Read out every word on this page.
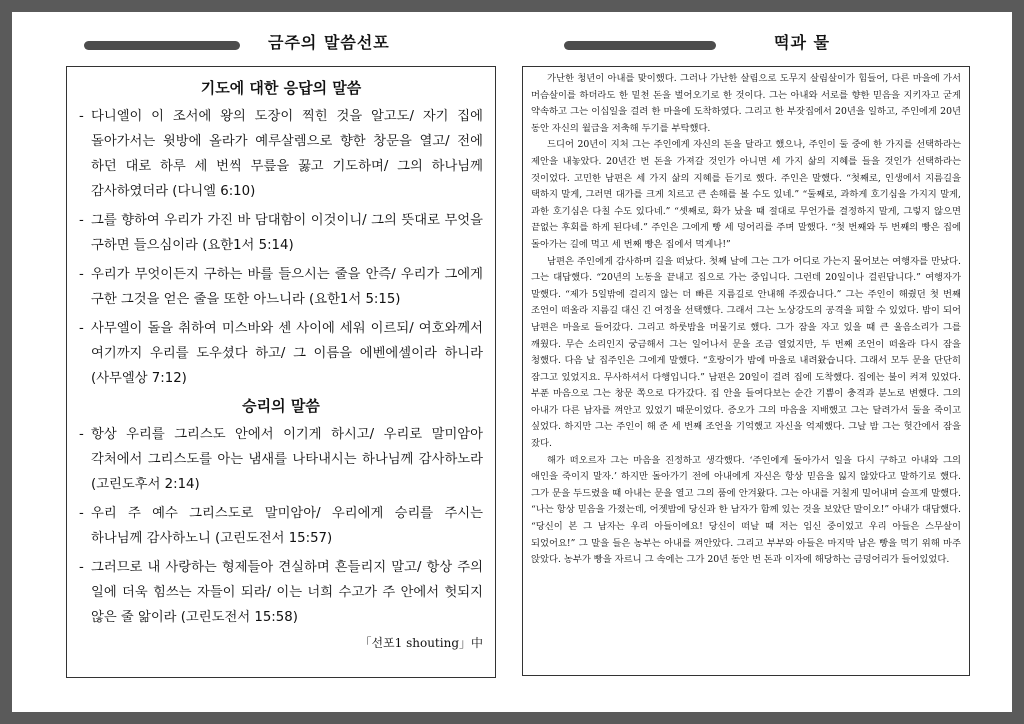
금주의 말씀선포
기도에 대한 응답의 말씀
- 다니엘이 이 조서에 왕의 도장이 찍힌 것을 알고도/ 자기 집에 돌아가서는 윗방에 올라가 예루살렘으로 향한 창문을 열고/ 전에 하던 대로 하루 세 번씩 무릎을 꿇고 기도하며/ 그의 하나님께 감사하였더라 (다니엘 6:10)
- 그를 향하여 우리가 가진 바 담대함이 이것이니/ 그의 뜻대로 무엇을 구하면 들으심이라 (요한1서 5:14)
- 우리가 무엇이든지 구하는 바를 들으시는 줄을 안즉/ 우리가 그에게 구한 그것을 얻은 줄을 또한 아느니라 (요한1서 5:15)
- 사무엘이 돌을 취하여 미스바와 센 사이에 세워 이르되/ 여호와께서 여기까지 우리를 도우셨다 하고/ 그 이름을 에벤에셀이라 하니라 (사무엘상 7:12)
승리의 말씀
- 항상 우리를 그리스도 안에서 이기게 하시고/ 우리로 말미암아 각처에서 그리스도를 아는 냄새를 나타내시는 하나님께 감사하노라 (고린도후서 2:14)
- 우리 주 예수 그리스도로 말미암아/ 우리에게 승리를 주시는 하나님께 감사하노니 (고린도전서 15:57)
- 그러므로 내 사랑하는 형제들아 견실하며 흔들리지 말고/ 항상 주의 일에 더욱 힘쓰는 자들이 되라/ 이는 너희 수고가 주 안에서 헛되지 않은 줄 앎이라 (고린도전서 15:58)
「선포1 shouting」中
떡과 물

가난한 청년이 아내를 맞이했다. 그러나 가난한 살림으로 도무지 살림살이가 힘들어, 다른 마을에 가서 머슴살이를 하더라도 한 밑천 돈을 벌어오기로 한 것이다. 그는 아내와 서로를 향한 믿음을 지키자고 굳게 약속하고 그는 이십일을 걸려 한 마을에 도착하였다. 그리고 한 부잣집에서 20년을 일하고, 주인에게 20년 동안 자신의 월급을 저축해 두기를 부탁했다.

드디어 20년이 지처 그는 주인에게 자신의 돈을 달라고 했으나, 주인이 둘 중에 한 가지를 선택하라는 제안을 내놓았다. 20년간 번 돈을 가져갈 것인가 아니면 세 가지 삶의 지혜를 들을 것인가 선택하라는 것이었다. 고민한 남편은 세 가지 삶의 지혜를 듣기로 했다. 주인은 말했다. “첫째로, 인생에서 지름길을 택하지 말게, 그러면 대가를 크게 치르고 큰 손해를 볼 수도 있네.” “둘째로, 과하게 호기심을 가지지 말게, 과한 호기심은 다칠 수도 있다네.” “셋째로, 화가 났을 때 절대로 무언가를 결정하지 말게, 그렇지 않으면 끝없는 후회를 하게 된다네.” 주인은 그에게 빵 세 덩어리를 주며 말했다. “첫 번째와 두 번째의 빵은 집에 돌아가는 길에 먹고 세 번째 빵은 집에서 먹게나!”

남편은 주인에게 감사하며 길을 떠났다. 첫째 날에 그는 그가 어디로 가는지 물어보는 여행자를 만났다. 그는 대답했다. “20년의 노동을 끝내고 집으로 가는 중입니다. 그런데 20일이나 걸린답니다.” 여행자가 말했다. “제가 5일밖에 걸리지 않는 더 빠른 지름길로 안내해 주겠습니다.” 그는 주인이 해줬던 첫 번째 조언이 떠올라 지름길 대신 긴 여정을 선택했다. 그래서 그는 노상강도의 공격을 피할 수 있었다. 밤이 되어 남편은 마을로 들어갔다. 그리고 하룻밤을 머물기로 했다. 그가 잠을 자고 있을 때 큰 울음소리가 그를 깨웠다. 무슨 소리인지 궁금해서 그는 일어나서 문을 조금 열었지만, 두 번째 조언이 떠올라 다시 잠을 청했다. 다음 날 집주인은 그에게 말했다. “호랑이가 밤에 마을로 내려왔습니다. 그래서 모두 문을 단단히 잠그고 있었지요. 무사하셔서 다행입니다.” 남편은 20일이 걸려 집에 도착했다. 집에는 불이 켜져 있었다. 부푼 마음으로 그는 창문 쪽으로 다가갔다. 집 안을 들여다보는 순간 기쁨이 충격과 분노로 변했다. 그의 아내가 다른 남자를 껴안고 있었기 때문이었다. 증오가 그의 마음을 지배했고 그는 달려가서 둘을 죽이고 싶었다. 하지만 그는 주인이 해 준 세 번째 조언을 기억했고 자신을 억제했다. 그날 밤 그는 헛간에서 잠을 잤다.

해가 떠오르자 그는 마음을 진정하고 생각했다. ‘주인에게 돌아가서 일을 다시 구하고 아내와 그의 애인을 죽이지 말자.’ 하지만 돌아가기 전에 아내에게 자신은 항상 믿음을 잃지 않았다고 말하기로 했다. 그가 문을 두드렸을 때 아내는 문을 열고 그의 품에 안겨왔다. 그는 아내를 거칠게 밀어내며 슬프게 말했다. “나는 항상 믿음을 가졌는데, 어젯밤에 당신과 한 남자가 함께 있는 것을 보았단 말이오!” 아내가 대답했다. “당신이 본 그 남자는 우리 아들이에요! 당신이 떠날 때 저는 임신 중이었고 우리 아들은 스무살이 되었어요!” 그 말을 들은 농부는 아내를 껴안았다. 그리고 부부와 아들은 마지막 남은 빵을 먹기 위해 마주 앉았다. 농부가 빵을 자르니 그 속에는 그가 20년 동안 번 돈과 이자에 해당하는 금덩어리가 들어있었다.
